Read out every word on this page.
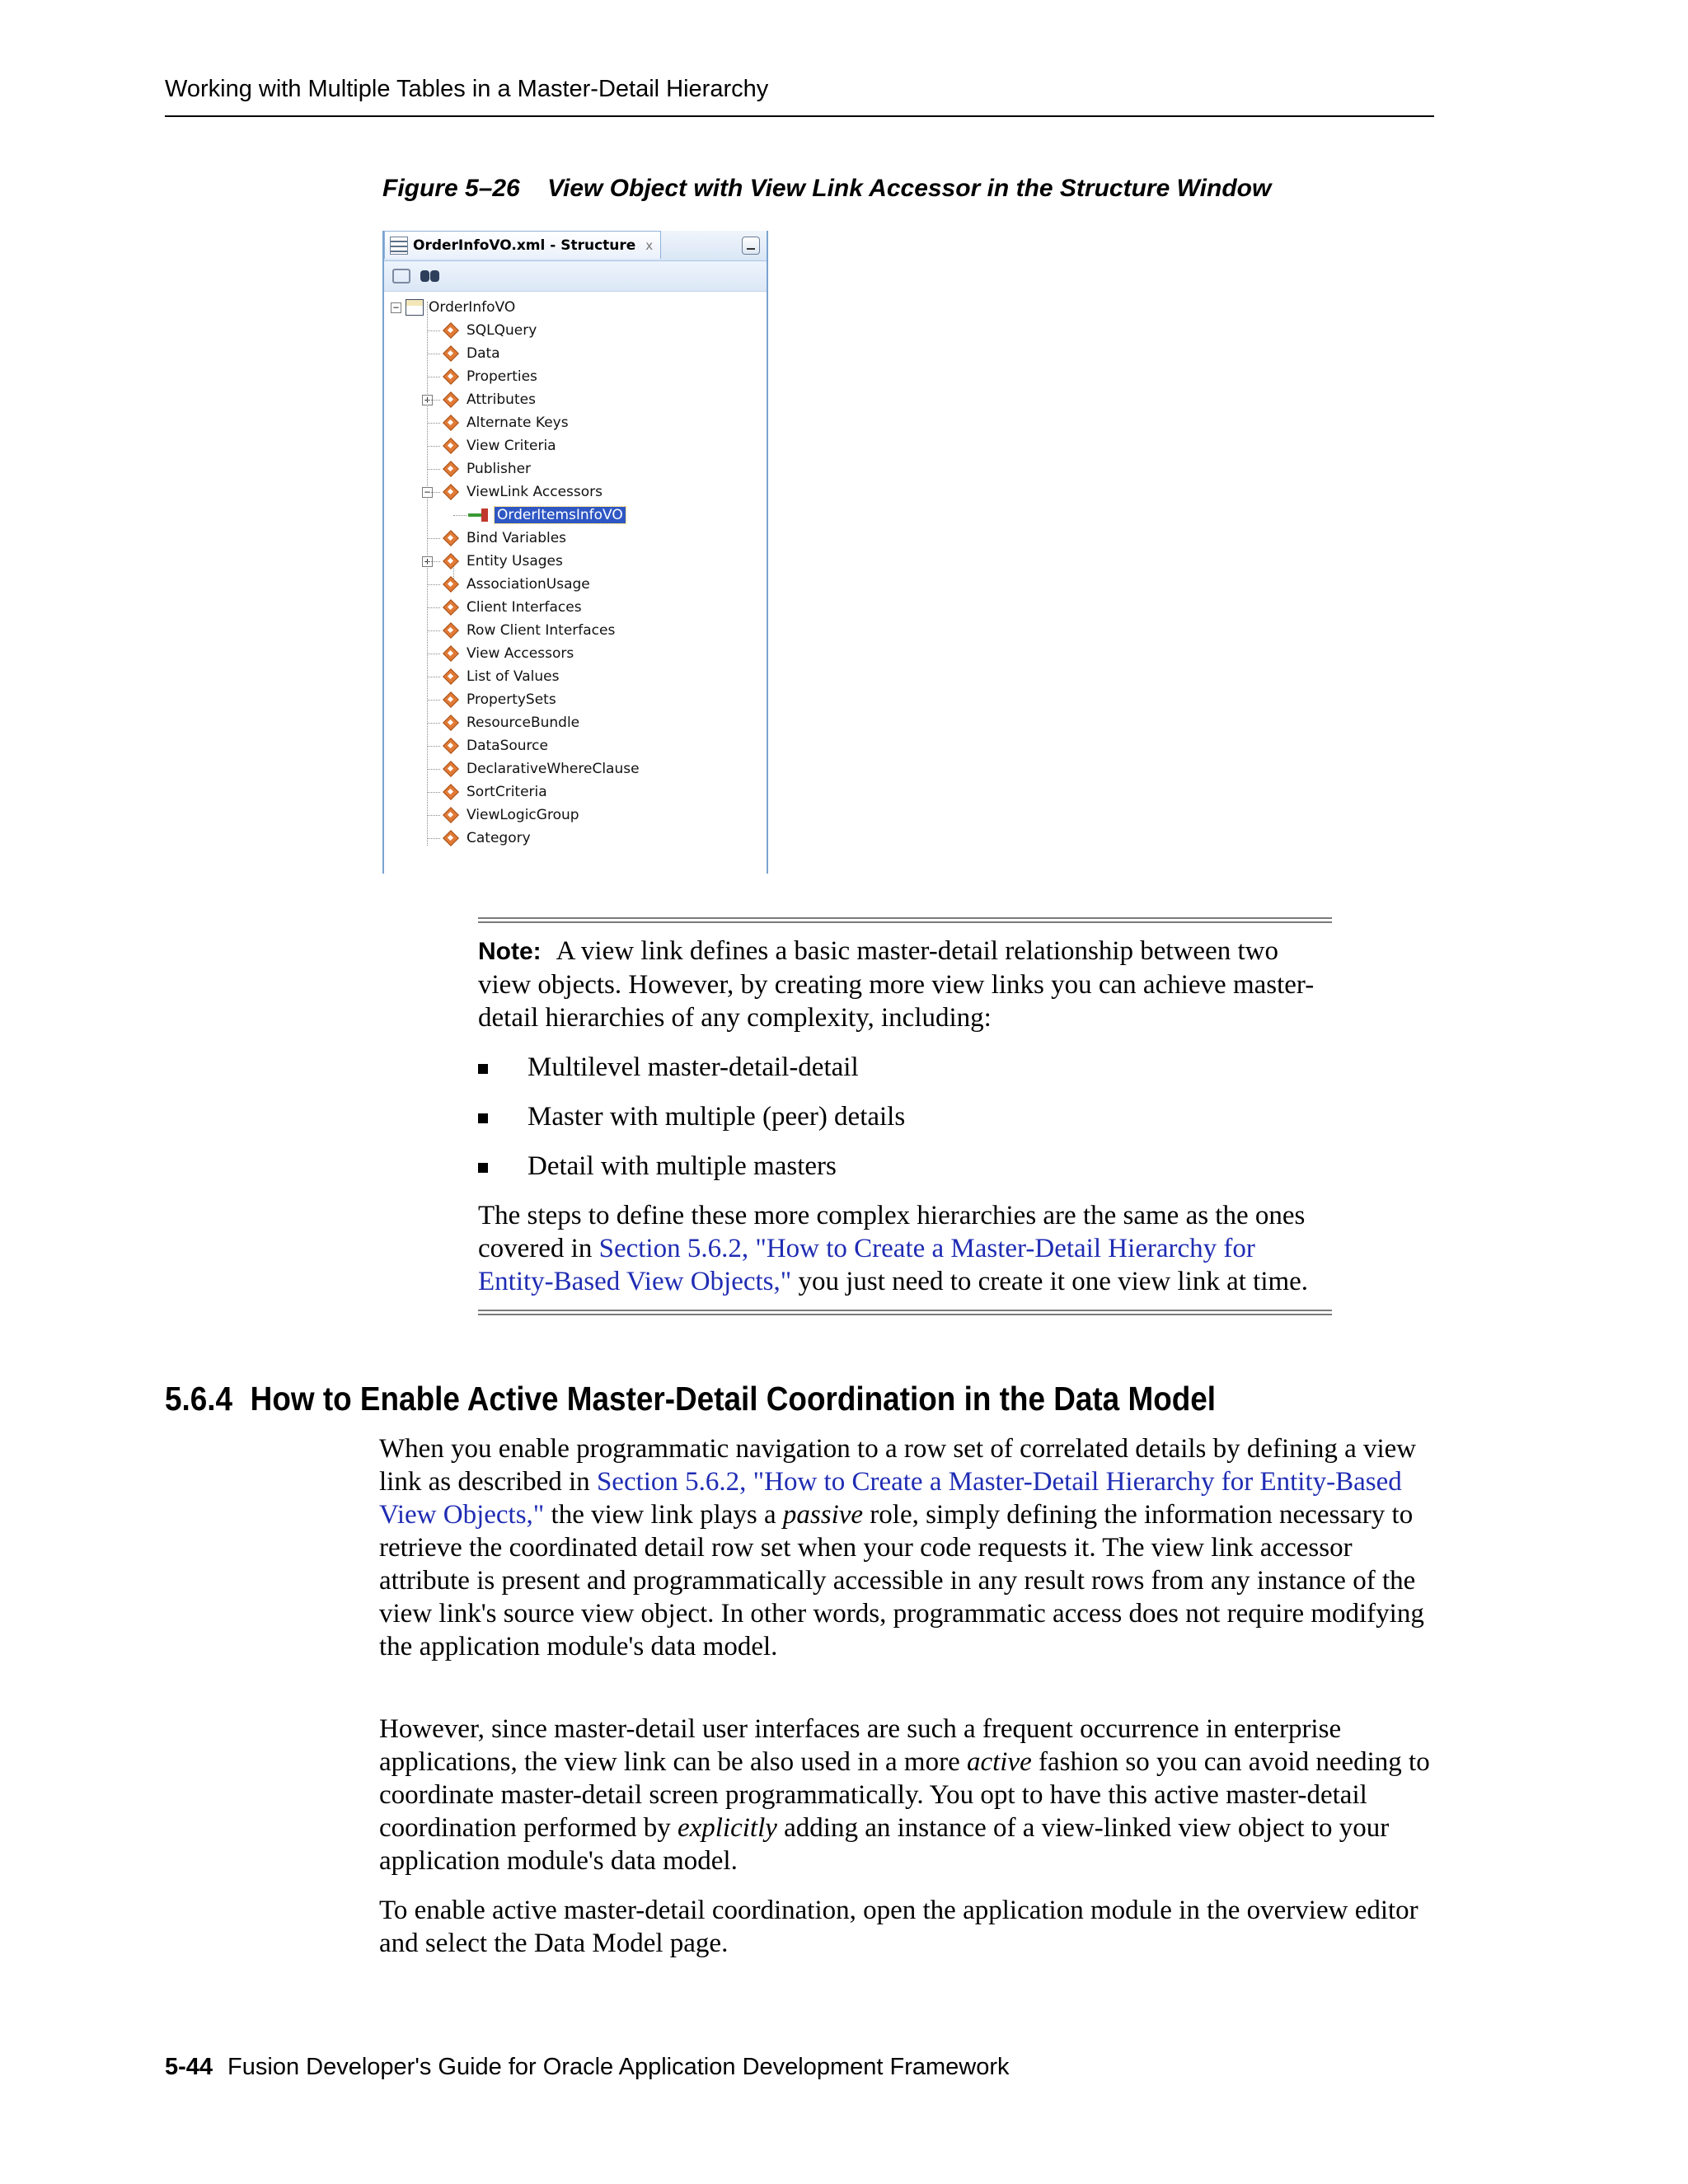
Working with Multiple Tables in a Master-Detail Hierarchy
Figure 5–26    View Object with View Link Accessor in the Structure Window
OrderInfoVO.xml - Structure x
− OrderInfoVO
SQLQuery
Data
Properties
+	Attributes
Alternate Keys
View Criteria
Publisher
−	ViewLink Accessors
OrderItemsInfoVO
Bind Variables
+	Entity Usages
AssociationUsage
Client Interfaces
Row Client Interfaces
View Accessors
List of Values
PropertySets
ResourceBundle
DataSource
DeclarativeWhereClause
SortCriteria
ViewLogicGroup
Category
Note: A view link defines a basic master-detail relationship between two view objects. However, by creating more view links you can achieve master-detail hierarchies of any complexity, including:
Multilevel master-detail-detail
Master with multiple (peer) details
Detail with multiple masters
The steps to define these more complex hierarchies are the same as the ones covered in Section 5.6.2, "How to Create a Master-Detail Hierarchy for Entity-Based View Objects," you just need to create it one view link at time.
5.6.4 How to Enable Active Master-Detail Coordination in the Data Model
When you enable programmatic navigation to a row set of correlated details by defining a view link as described in Section 5.6.2, "How to Create a Master-Detail Hierarchy for Entity-Based View Objects," the view link plays a passive role, simply defining the information necessary to retrieve the coordinated detail row set when your code requests it. The view link accessor attribute is present and programmatically accessible in any result rows from any instance of the view link's source view object. In other words, programmatic access does not require modifying the application module's data model.
However, since master-detail user interfaces are such a frequent occurrence in enterprise applications, the view link can be also used in a more active fashion so you can avoid needing to coordinate master-detail screen programmatically. You opt to have this active master-detail coordination performed by explicitly adding an instance of a view-linked view object to your application module's data model.
To enable active master-detail coordination, open the application module in the overview editor and select the Data Model page.
5-44 Fusion Developer's Guide for Oracle Application Development Framework
